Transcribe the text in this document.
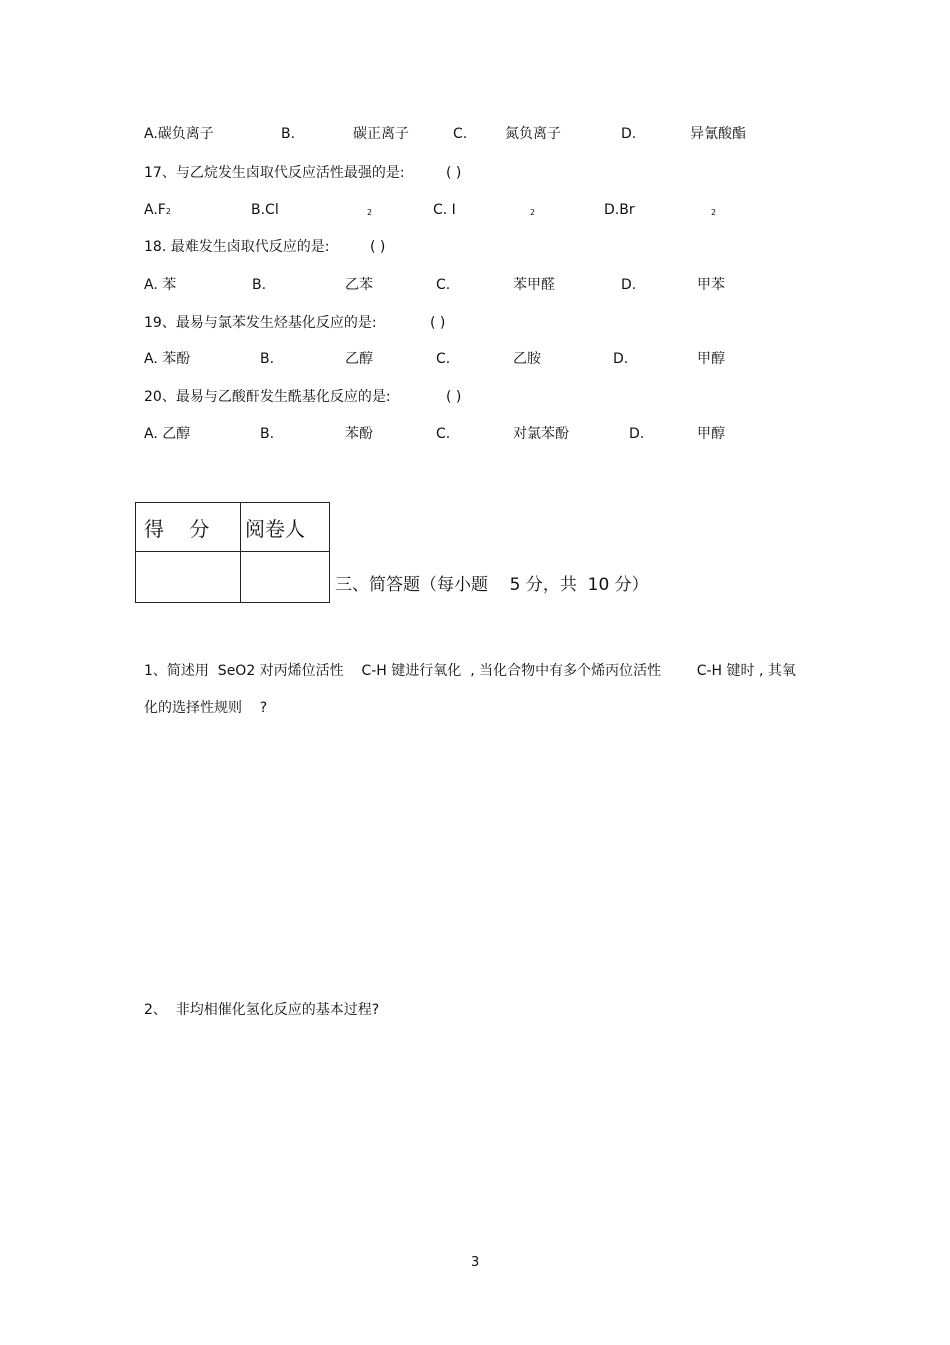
A.碳负离子	B.	碳正离子	C.	氮负离子	D.	异氰酸酯
17、与乙烷发生卤取代反应活性最强的是:	( )
A.F2	B.Cl	2	C. I	2	D.Br	2
18. 最难发生卤取代反应的是:	( )
A. 苯	B.	乙苯	C.	苯甲醛	D.	甲苯
19、最易与氯苯发生烃基化反应的是:	( )
A. 苯酚	B.	乙醇	C.	乙胺	D.	甲醇
20、最易与乙酸酐发生酰基化反应的是:	( )
A. 乙醇	B.	苯酚	C.	对氯苯酚	D.	甲醇
得    分	阅卷人

三、简答题（每小题    5 分，共  10 分）
1、简述用  SeO2 对丙烯位活性    C-H 键进行氧化  , 当化合物中有多个烯丙位活性        C-H 键时 , 其氧
化的选择性规则    ?
2、  非均相催化氢化反应的基本过程?
3
